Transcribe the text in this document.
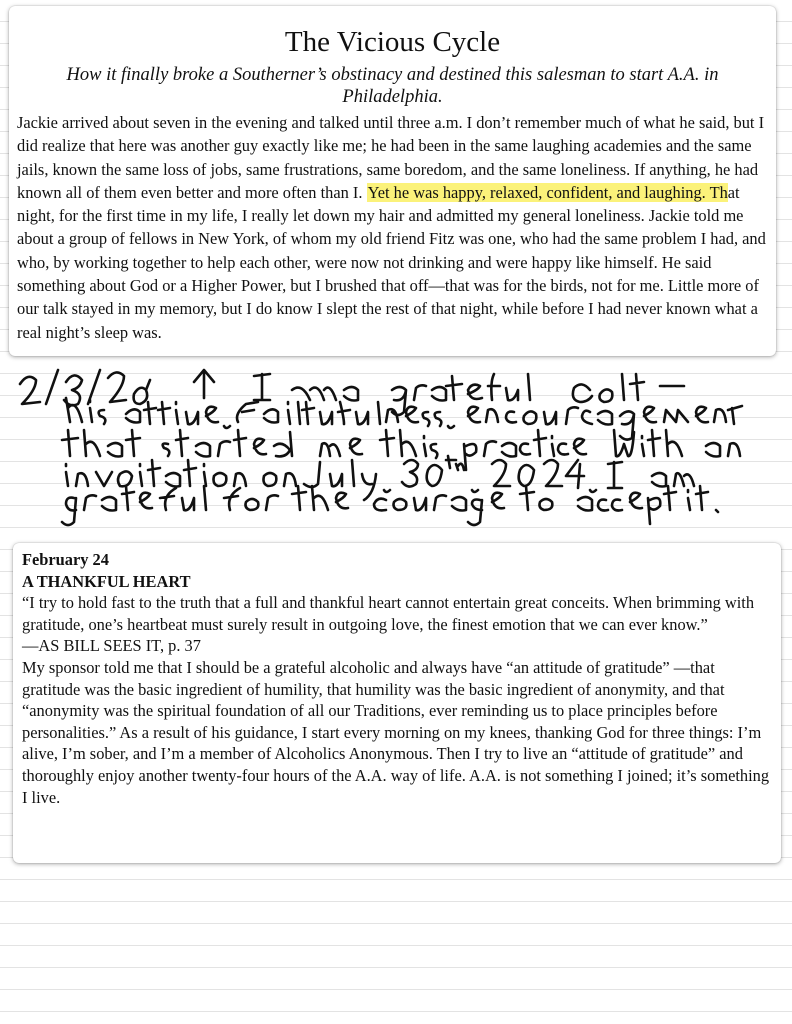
The Vicious Cycle
How it finally broke a Southerner’s obstinacy and destined this salesman to start A.A. in Philadelphia.
Jackie arrived about seven in the evening and talked until three a.m. I don’t remember much of what he said, but I did realize that here was another guy exactly like me; he had been in the same laughing academies and the same jails, known the same loss of jobs, same frustrations, same boredom, and the same loneliness. If anything, he had known all of them even better and more often than I. Yet he was happy, relaxed, confident, and laughing. That night, for the first time in my life, I really let down my hair and admitted my general loneliness. Jackie told me about a group of fellows in New York, of whom my old friend Fitz was one, who had the same problem I had, and who, by working together to help each other, were now not drinking and were happy like himself. He said something about God or a Higher Power, but I brushed that off—that was for the birds, not for me. Little more of our talk stayed in my memory, but I do know I slept the rest of that night, while before I had never known what a real night’s sleep was.
February 24
A THANKFUL HEART
“I try to hold fast to the truth that a full and thankful heart cannot entertain great conceits. When brimming with gratitude, one’s heartbeat must surely result in outgoing love, the finest emotion that we can ever know.”
—AS BILL SEES IT, p. 37
My sponsor told me that I should be a grateful alcoholic and always have “an attitude of gratitude” —that gratitude was the basic ingredient of humility, that humility was the basic ingredient of anonymity, and that “anonymity was the spiritual foundation of all our Traditions, ever reminding us to place principles before personalities.” As a result of his guidance, I start every morning on my knees, thanking God for three things: I’m alive, I’m sober, and I’m a member of Alcoholics Anonymous. Then I try to live an “attitude of gratitude” and thoroughly enjoy another twenty-four hours of the A.A. way of life. A.A. is not something I joined; it’s something I live.
